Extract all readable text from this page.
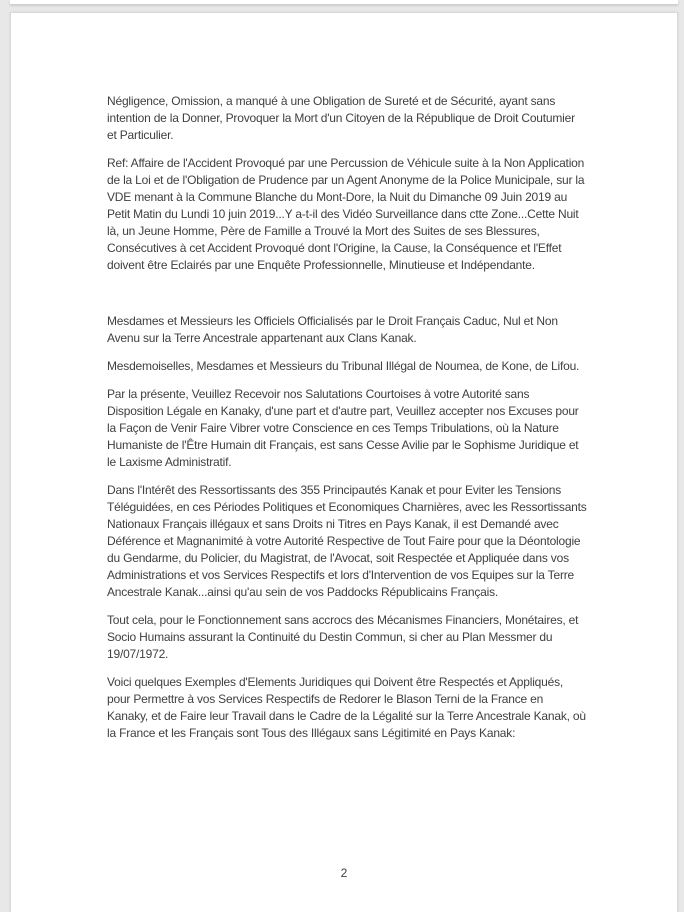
Négligence, Omission, a manqué à une Obligation de Sureté et de Sécurité, ayant sans intention de la Donner, Provoquer la Mort d'un Citoyen de la République de Droit Coutumier et Particulier.

Ref: Affaire de l'Accident Provoqué par une Percussion de Véhicule suite à la Non Application de la Loi et de l'Obligation de Prudence par un Agent Anonyme de la Police Municipale, sur la VDE menant à la Commune Blanche du Mont-Dore, la Nuit du Dimanche 09 Juin 2019 au Petit Matin du Lundi 10 juin 2019...Y a-t-il des Vidéo Surveillance dans ctte Zone...Cette Nuit là, un Jeune Homme, Père de Famille a Trouvé la Mort des Suites de ses Blessures, Consécutives à cet Accident Provoqué dont l'Origine, la Cause, la Conséquence et l'Effet doivent être Eclairés par une Enquête Professionnelle, Minutieuse et Indépendante.

Mesdames et Messieurs les Officiels Officialisés par le Droit Français Caduc, Nul et Non Avenu sur la Terre Ancestrale appartenant aux Clans Kanak.

Mesdemoiselles, Mesdames et Messieurs du Tribunal Illégal de Noumea, de Kone, de Lifou.

Par la présente, Veuillez Recevoir nos Salutations Courtoises à votre Autorité sans Disposition Légale en Kanaky, d'une part et d'autre part, Veuillez accepter nos Excuses pour la Façon de Venir Faire Vibrer votre Conscience en ces Temps Tribulations, où la Nature Humaniste de l'Être Humain dit Français, est sans Cesse Avilie par le Sophisme Juridique et le Laxisme Administratif.

Dans l'Intérêt des Ressortissants des 355 Principautés Kanak et pour Eviter les Tensions Téléguidées, en ces Périodes Politiques et Economiques Charnières, avec les Ressortissants Nationaux Français illégaux et sans Droits ni Titres en Pays Kanak, il est Demandé avec Déférence et Magnanimité à votre Autorité Respective de Tout Faire pour que la Déontologie du Gendarme, du Policier, du Magistrat, de l'Avocat, soit Respectée et Appliquée dans vos Administrations et vos Services Respectifs et lors d'Intervention de vos Equipes sur la Terre Ancestrale Kanak...ainsi qu'au sein de vos Paddocks Républicains Français.

Tout cela, pour le Fonctionnement sans accrocs des Mécanismes Financiers, Monétaires, et Socio Humains assurant la Continuité du Destin Commun, si cher au Plan Messmer du 19/07/1972.

Voici quelques Exemples d'Elements Juridiques qui Doivent être Respectés et Appliqués, pour Permettre à vos Services Respectifs de Redorer le Blason Terni de la France en Kanaky, et de Faire leur Travail dans le Cadre de la Légalité sur la Terre Ancestrale Kanak, où la France et les Français sont Tous des Illégaux sans Légitimité en Pays Kanak:

2
